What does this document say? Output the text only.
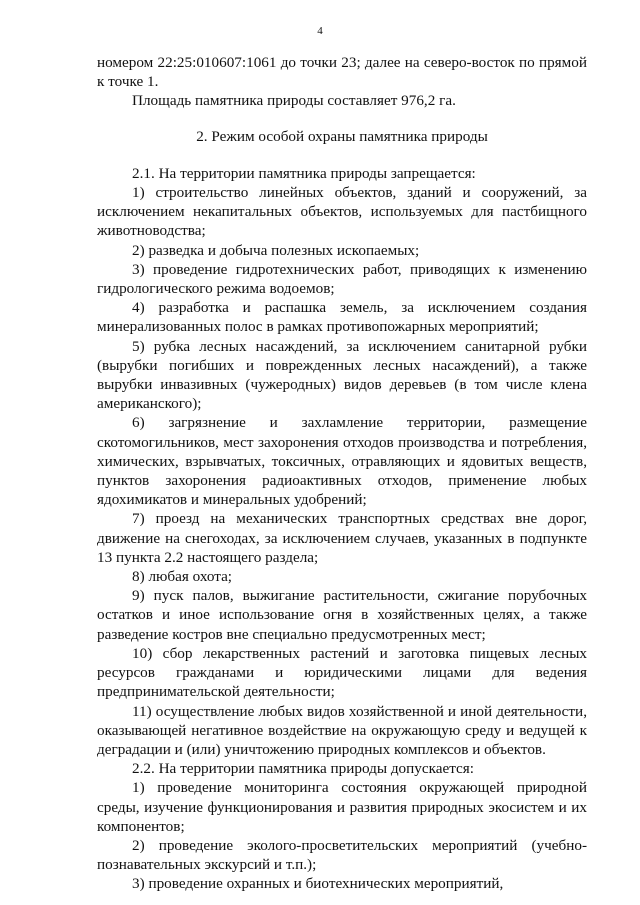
4

номером 22:25:010607:1061 до точки 23; далее на северо-восток по прямой к точке 1.

Площадь памятника природы составляет 976,2 га.

2. Режим особой охраны памятника природы

2.1. На территории памятника природы запрещается:

1) строительство линейных объектов, зданий и сооружений, за исключением некапитальных объектов, используемых для пастбищного животноводства;

2) разведка и добыча полезных ископаемых;

3) проведение гидротехнических работ, приводящих к изменению гидрологического режима водоемов;

4) разработка и распашка земель, за исключением создания минерализованных полос в рамках противопожарных мероприятий;

5) рубка лесных насаждений, за исключением санитарной рубки (вырубки погибших и поврежденных лесных насаждений), а также вырубки инвазивных (чужеродных) видов деревьев (в том числе клена американского);

6) загрязнение и захламление территории, размещение скотомогильников, мест захоронения отходов производства и потребления, химических, взрывчатых, токсичных, отравляющих и ядовитых веществ, пунктов захоронения радиоактивных отходов, применение любых ядохимикатов и минеральных удобрений;

7) проезд на механических транспортных средствах вне дорог, движение на снегоходах, за исключением случаев, указанных в подпункте 13 пункта 2.2 настоящего раздела;

8) любая охота;

9) пуск палов, выжигание растительности, сжигание порубочных остатков и иное использование огня в хозяйственных целях, а также разведение костров вне специально предусмотренных мест;

10) сбор лекарственных растений и заготовка пищевых лесных ресурсов гражданами и юридическими лицами для ведения предпринимательской деятельности;

11) осуществление любых видов хозяйственной и иной деятельности, оказывающей негативное воздействие на окружающую среду и ведущей к деградации и (или) уничтожению природных комплексов и объектов.

2.2. На территории памятника природы допускается:

1) проведение мониторинга состояния окружающей природной среды, изучение функционирования и развития природных экосистем и их компонентов;

2) проведение эколого-просветительских мероприятий (учебно-познавательных экскурсий и т.п.);

3) проведение охранных и биотехнических мероприятий,
